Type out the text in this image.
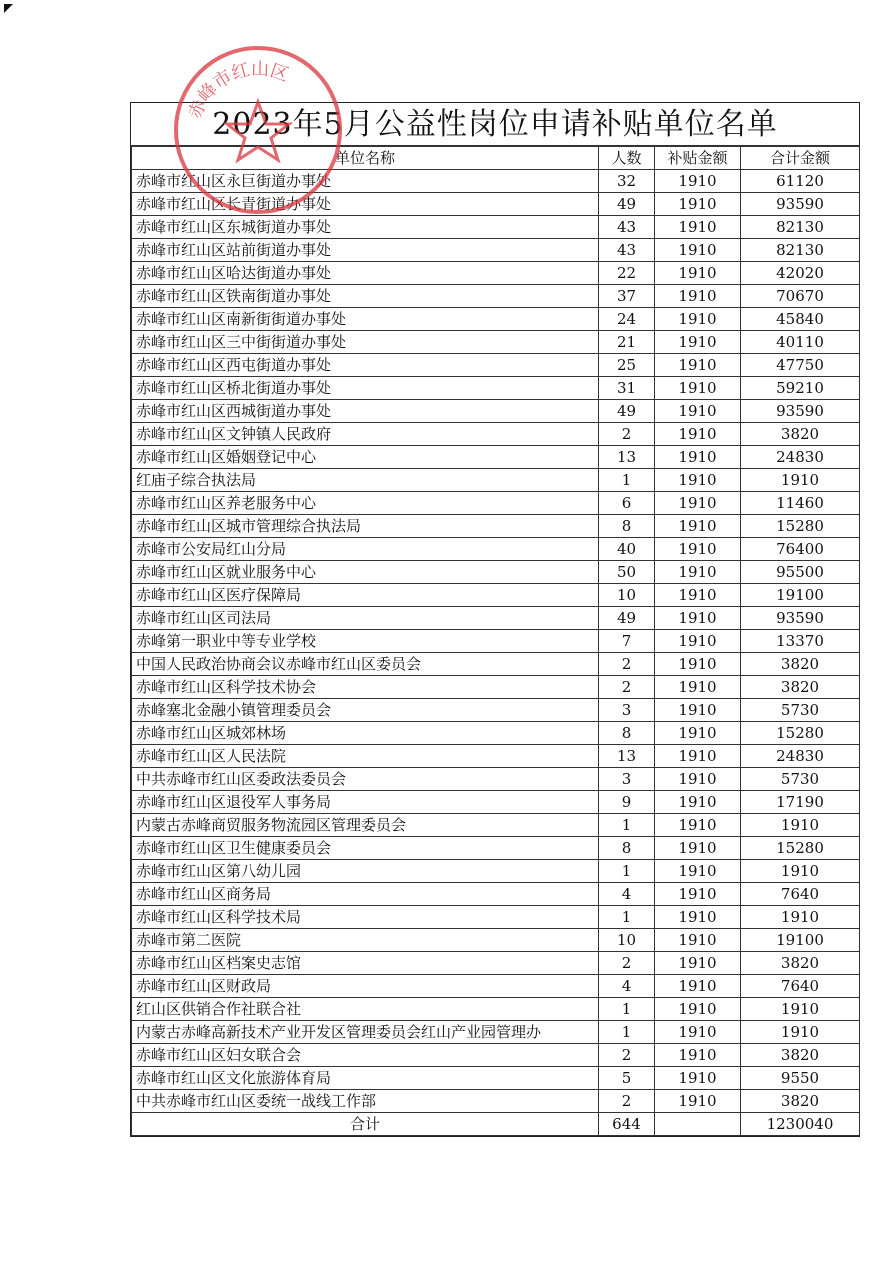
2023年5月公益性岗位申请补贴单位名单
单位名称	人数	补贴金额	合计金额
赤峰市红山区永巨街道办事处	32	1910	61120
赤峰市红山区长青街道办事处	49	1910	93590
赤峰市红山区东城街道办事处	43	1910	82130
赤峰市红山区站前街道办事处	43	1910	82130
赤峰市红山区哈达街道办事处	22	1910	42020
赤峰市红山区铁南街道办事处	37	1910	70670
赤峰市红山区南新街街道办事处	24	1910	45840
赤峰市红山区三中街街道办事处	21	1910	40110
赤峰市红山区西屯街道办事处	25	1910	47750
赤峰市红山区桥北街道办事处	31	1910	59210
赤峰市红山区西城街道办事处	49	1910	93590
赤峰市红山区文钟镇人民政府	2	1910	3820
赤峰市红山区婚姻登记中心	13	1910	24830
红庙子综合执法局	1	1910	1910
赤峰市红山区养老服务中心	6	1910	11460
赤峰市红山区城市管理综合执法局	8	1910	15280
赤峰市公安局红山分局	40	1910	76400
赤峰市红山区就业服务中心	50	1910	95500
赤峰市红山区医疗保障局	10	1910	19100
赤峰市红山区司法局	49	1910	93590
赤峰第一职业中等专业学校	7	1910	13370
中国人民政治协商会议赤峰市红山区委员会	2	1910	3820
赤峰市红山区科学技术协会	2	1910	3820
赤峰塞北金融小镇管理委员会	3	1910	5730
赤峰市红山区城郊林场	8	1910	15280
赤峰市红山区人民法院	13	1910	24830
中共赤峰市红山区委政法委员会	3	1910	5730
赤峰市红山区退役军人事务局	9	1910	17190
内蒙古赤峰商贸服务物流园区管理委员会	1	1910	1910
赤峰市红山区卫生健康委员会	8	1910	15280
赤峰市红山区第八幼儿园	1	1910	1910
赤峰市红山区商务局	4	1910	7640
赤峰市红山区科学技术局	1	1910	1910
赤峰市第二医院	10	1910	19100
赤峰市红山区档案史志馆	2	1910	3820
赤峰市红山区财政局	4	1910	7640
红山区供销合作社联合社	1	1910	1910
内蒙古赤峰高新技术产业开发区管理委员会红山产业园管理办	1	1910	1910
赤峰市红山区妇女联合会	2	1910	3820
赤峰市红山区文化旅游体育局	5	1910	9550
中共赤峰市红山区委统一战线工作部	2	1910	3820
合计	644		1230040
赤峰市红山区
